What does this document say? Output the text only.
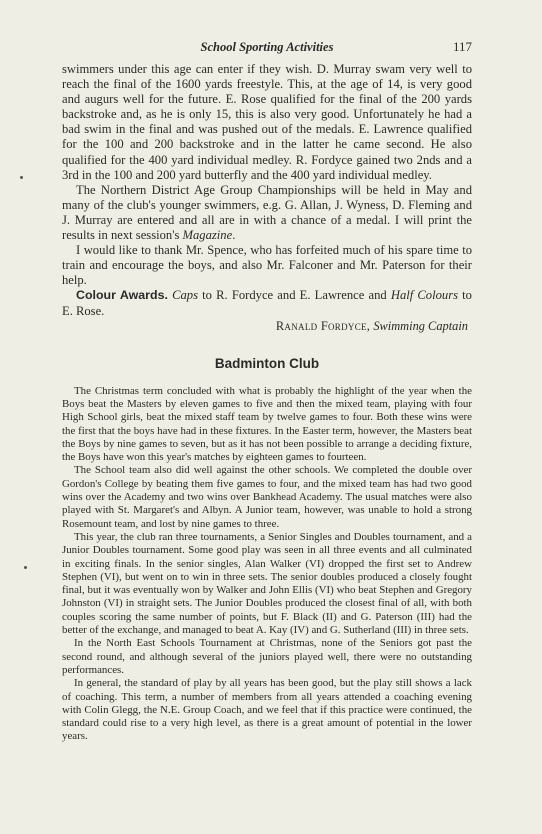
School Sporting Activities	117

swimmers under this age can enter if they wish. D. Murray swam very well to reach the final of the 1600 yards freestyle. This, at the age of 14, is very good and augurs well for the future. E. Rose qualified for the final of the 200 yards backstroke and, as he is only 15, this is also very good. Unfortunately he had a bad swim in the final and was pushed out of the medals. E. Lawrence qualified for the 100 and 200 backstroke and in the latter he came second. He also qualified for the 400 yard individual medley. R. Fordyce gained two 2nds and a 3rd in the 100 and 200 yard butterfly and the 400 yard individual medley.

The Northern District Age Group Championships will be held in May and many of the club's younger swimmers, e.g. G. Allan, J. Wyness, D. Fleming and J. Murray are entered and all are in with a chance of a medal. I will print the results in next session's Magazine.

I would like to thank Mr. Spence, who has forfeited much of his spare time to train and encourage the boys, and also Mr. Falconer and Mr. Paterson for their help.

Colour Awards. Caps to R. Fordyce and E. Lawrence and Half Colours to E. Rose.

Ranald Fordyce, Swimming Captain
Badminton Club

The Christmas term concluded with what is probably the highlight of the year when the Boys beat the Masters by eleven games to five and then the mixed team, playing with four High School girls, beat the mixed staff team by twelve games to four. Both these wins were the first that the boys have had in these fixtures. In the Easter term, however, the Masters beat the Boys by nine games to seven, but as it has not been possible to arrange a deciding fixture, the Boys have won this year's matches by eighteen games to fourteen.

The School team also did well against the other schools. We completed the double over Gordon's College by beating them five games to four, and the mixed team has had two good wins over the Academy and two wins over Bankhead Academy. The usual matches were also played with St. Margaret's and Albyn. A Junior team, however, was unable to hold a strong Rosemount team, and lost by nine games to three.

This year, the club ran three tournaments, a Senior Singles and Doubles tournament, and a Junior Doubles tournament. Some good play was seen in all three events and all culminated in exciting finals. In the senior singles, Alan Walker (VI) dropped the first set to Andrew Stephen (VI), but went on to win in three sets. The senior doubles produced a closely fought final, but it was eventually won by Walker and John Ellis (VI) who beat Stephen and Gregory Johnston (VI) in straight sets. The Junior Doubles produced the closest final of all, with both couples scoring the same number of points, but F. Black (II) and G. Paterson (III) had the better of the exchange, and managed to beat A. Kay (IV) and G. Sutherland (III) in three sets.

In the North East Schools Tournament at Christmas, none of the Seniors got past the second round, and although several of the juniors played well, there were no outstanding performances.

In general, the standard of play by all years has been good, but the play still shows a lack of coaching. This term, a number of members from all years attended a coaching evening with Colin Glegg, the N.E. Group Coach, and we feel that if this practice were continued, the standard could rise to a very high level, as there is a great amount of potential in the lower years.
